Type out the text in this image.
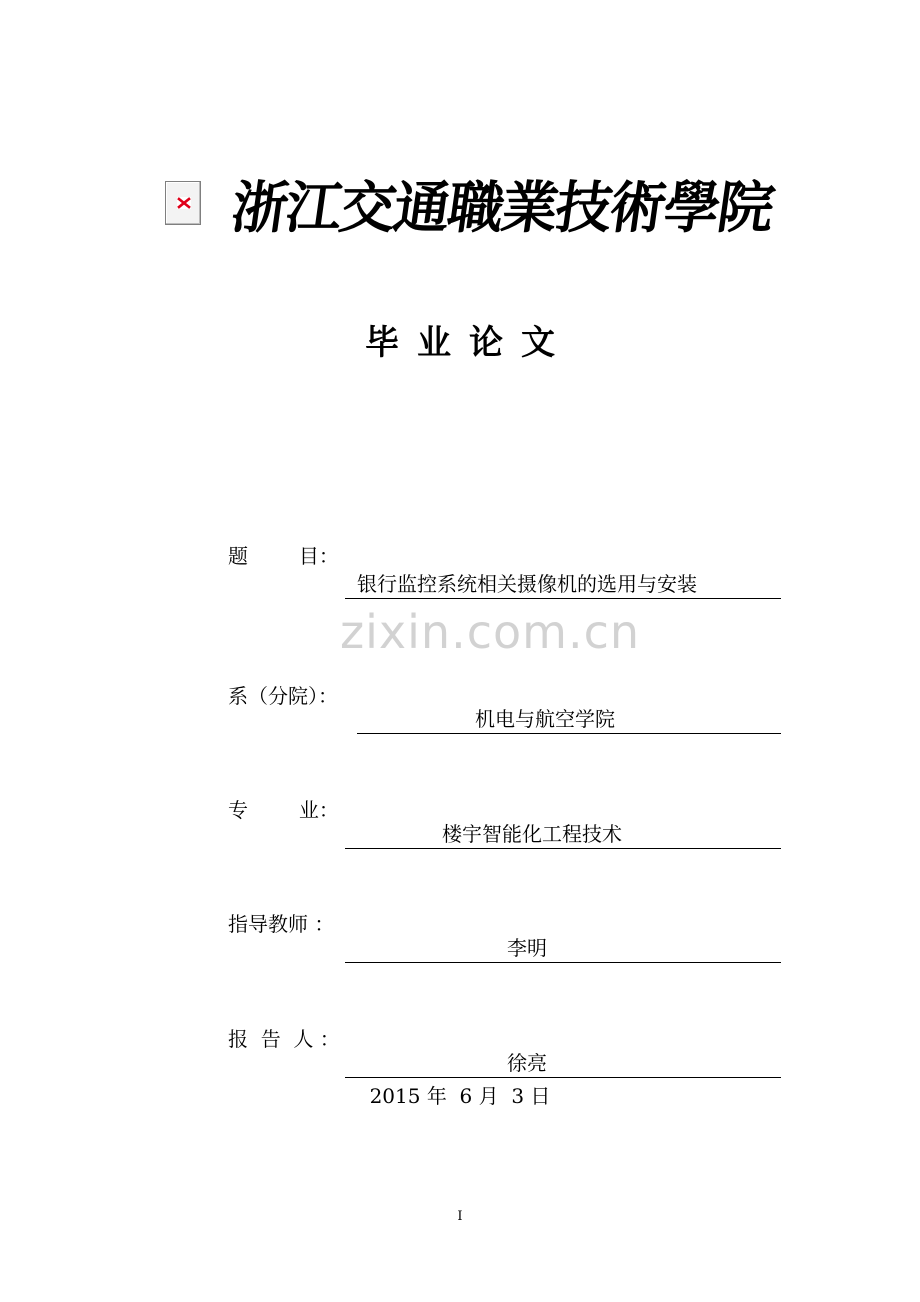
浙江交通職業技術學院
毕业论文
zixin.com.cn
题        目：
银行监控系统相关摄像机的选用与安装
系（分院）：
机电与航空学院
专        业：
楼宇智能化工程技术
指导教师 ：
李明
报  告  人 ：
徐亮
2015 年  6 月  3 日
I
